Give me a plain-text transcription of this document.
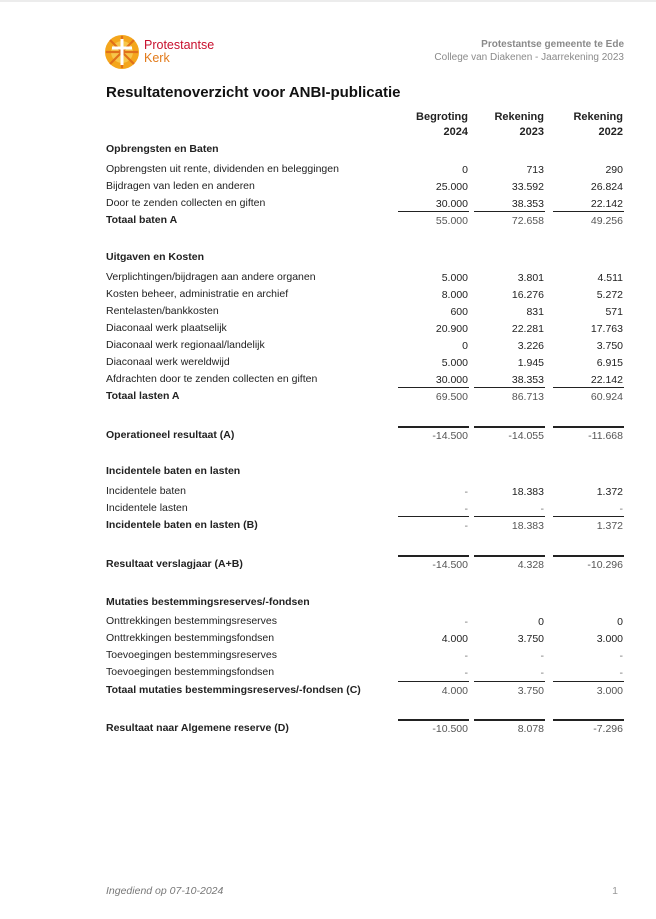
Protestantse
Kerk
Protestantse gemeente te Ede
College van Diakenen - Jaarrekening 2023
Resultatenoverzicht voor ANBI-publicatie
Begroting
2024
Rekening
2023
Rekening
2022
Opbrengsten en Baten
Opbrengsten uit rente, dividenden en beleggingen	0	713	290
Bijdragen van leden en anderen	25.000	33.592	26.824
Door te zenden collecten en giften	30.000	38.353	22.142
Totaal baten A	55.000	72.658	49.256
Uitgaven en Kosten
Verplichtingen/bijdragen aan andere organen	5.000	3.801	4.511
Kosten beheer, administratie en archief	8.000	16.276	5.272
Rentelasten/bankkosten	600	831	571
Diaconaal werk plaatselijk	20.900	22.281	17.763
Diaconaal werk regionaal/landelijk	0	3.226	3.750
Diaconaal werk wereldwijd	5.000	1.945	6.915
Afdrachten door te zenden collecten en giften	30.000	38.353	22.142
Totaal lasten A	69.500	86.713	60.924
Operationeel resultaat (A)	-14.500	-14.055	-11.668
Incidentele baten en lasten
Incidentele baten	-	18.383	1.372
Incidentele lasten	-	-	-
Incidentele baten en lasten (B)	-	18.383	1.372
Resultaat verslagjaar (A+B)	-14.500	4.328	-10.296
Mutaties bestemmingsreserves/-fondsen
Onttrekkingen bestemmingsreserves	-	0	0
Onttrekkingen bestemmingsfondsen	4.000	3.750	3.000
Toevoegingen bestemmingsreserves	-	-	-
Toevoegingen bestemmingsfondsen	-	-	-
Totaal mutaties bestemmingsreserves/-fondsen (C)	4.000	3.750	3.000
Resultaat naar Algemene reserve (D)	-10.500	8.078	-7.296
Ingediend op 07-10-2024	1
